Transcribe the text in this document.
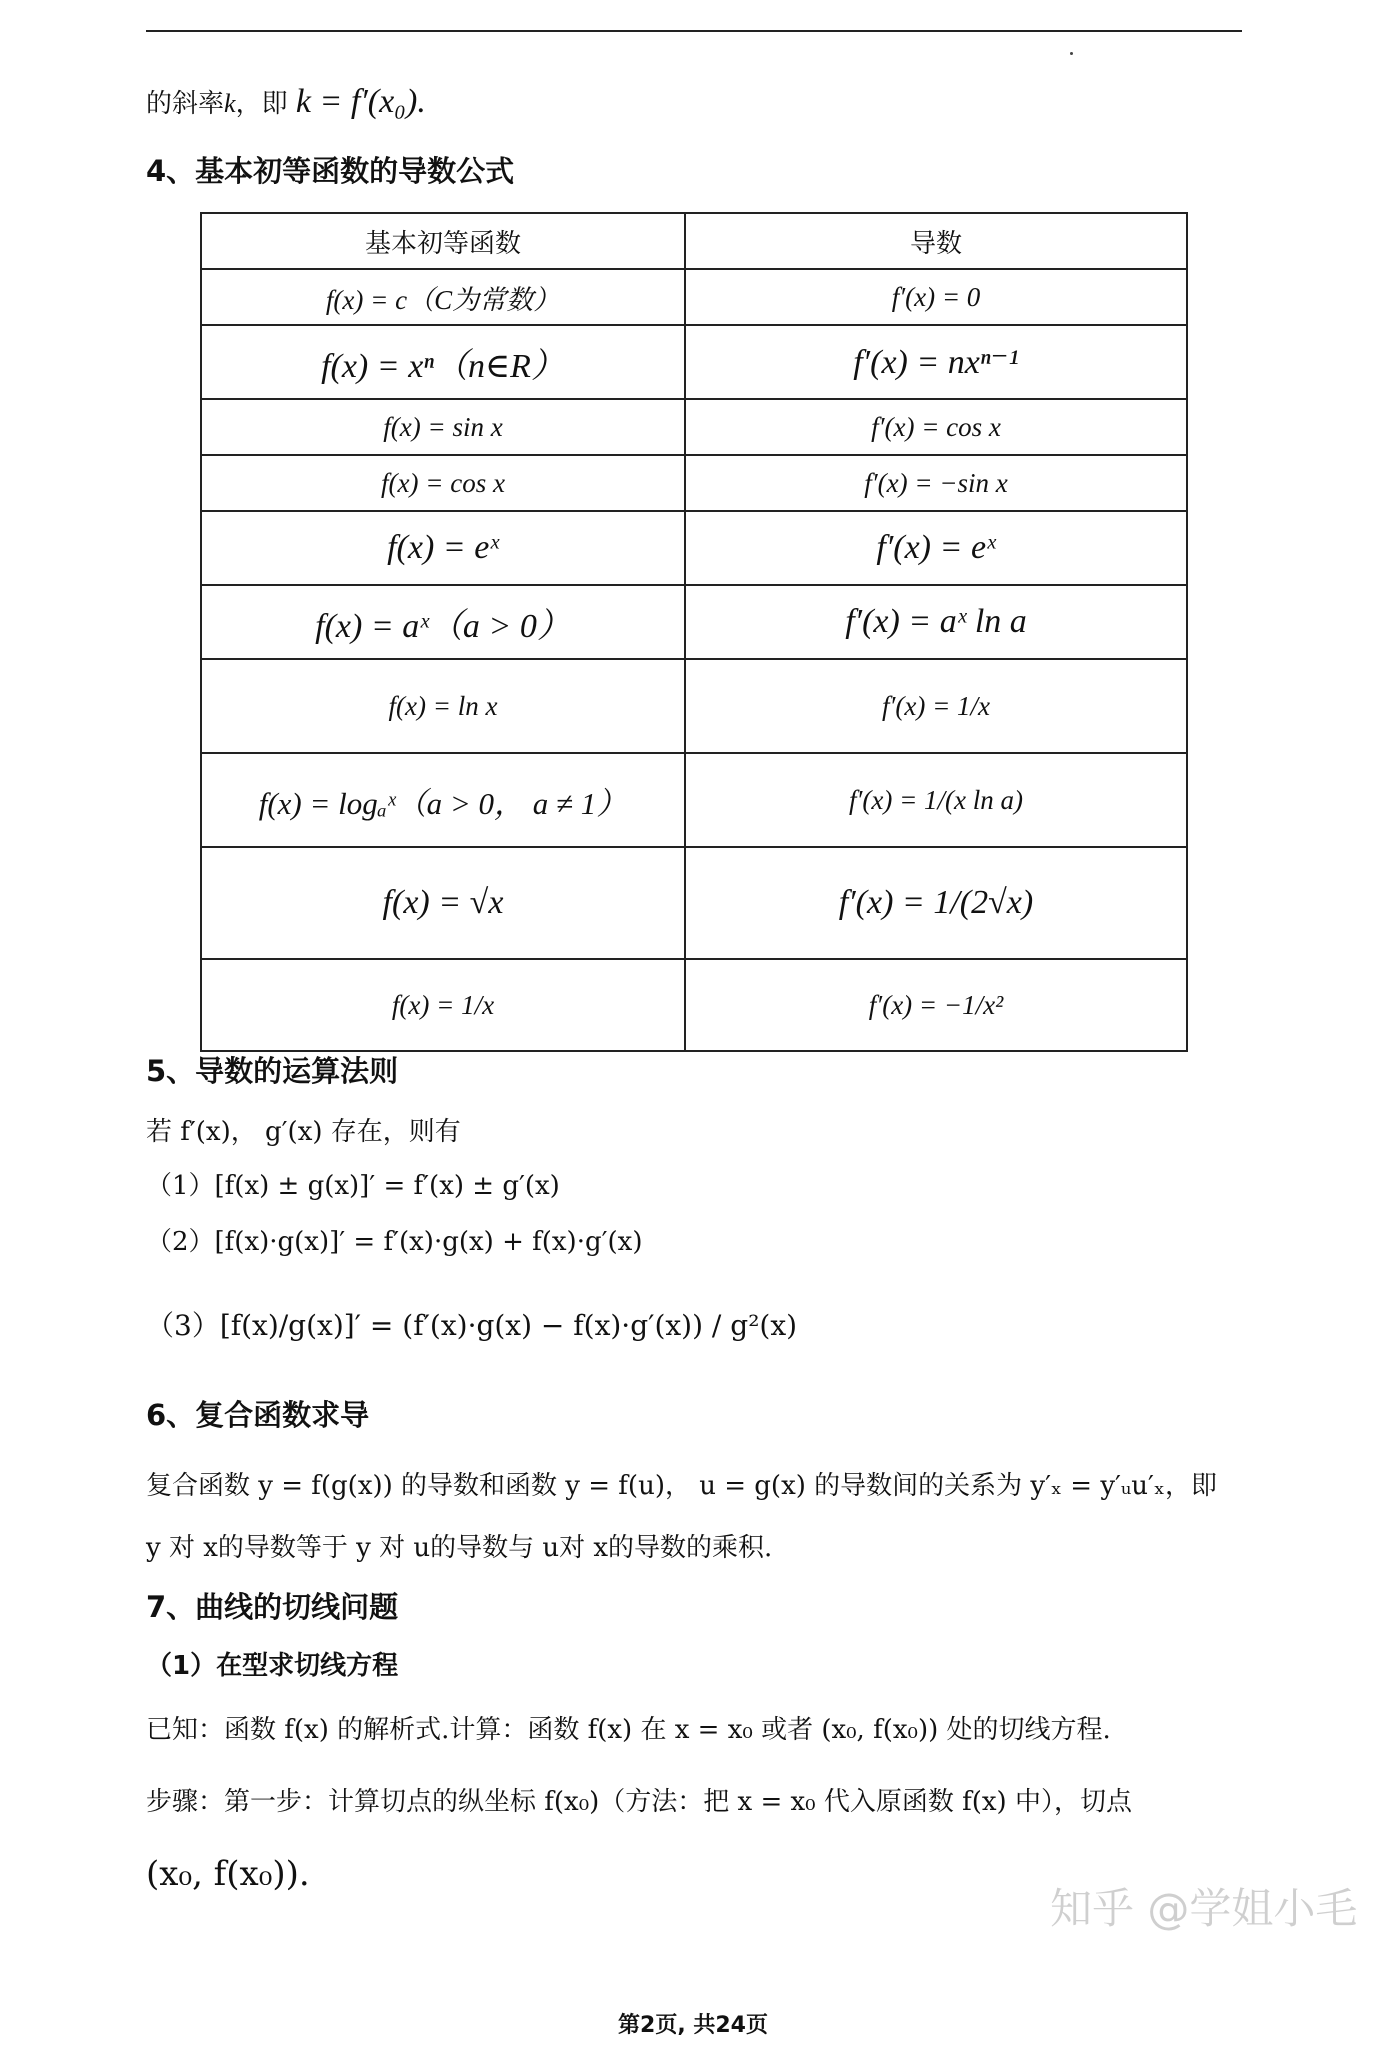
的斜率k，即 k = f′(x₀).
4、基本初等函数的导数公式
基本初等函数	导数
f(x) = c（C为常数）	f′(x) = 0
f(x) = xⁿ（n∈R）	f′(x) = nxⁿ⁻¹
f(x) = sin x	f′(x) = cos x
f(x) = cos x	f′(x) = −sin x
f(x) = eˣ	f′(x) = eˣ
f(x) = aˣ（a > 0）	f′(x) = aˣ ln a
f(x) = ln x	f′(x) = 1/x
f(x) = logₐˣ（a > 0， a ≠ 1）	f′(x) = 1/(x ln a)
f(x) = √x	f′(x) = 1/(2√x)
f(x) = 1/x	f′(x) = −1/x²
5、导数的运算法则
若 f′(x)， g′(x) 存在，则有
（1）[f(x) ± g(x)]′ = f′(x) ± g′(x)
（2）[f(x)·g(x)]′ = f′(x)·g(x) + f(x)·g′(x)
（3）[f(x)/g(x)]′ = (f′(x)·g(x) − f(x)·g′(x)) / g²(x)
6、复合函数求导
复合函数 y = f(g(x)) 的导数和函数 y = f(u)， u = g(x) 的导数间的关系为 y′ₓ = y′ᵤu′ₓ，即
y 对 x的导数等于 y 对 u的导数与 u对 x的导数的乘积.
7、曲线的切线问题
（1）在型求切线方程
已知：函数 f(x) 的解析式.计算：函数 f(x) 在 x = x₀ 或者 (x₀, f(x₀)) 处的切线方程.
步骤：第一步：计算切点的纵坐标 f(x₀)（方法：把 x = x₀ 代入原函数 f(x) 中），切点
(x₀, f(x₀)).
知乎 @学姐小毛
第2页, 共24页
